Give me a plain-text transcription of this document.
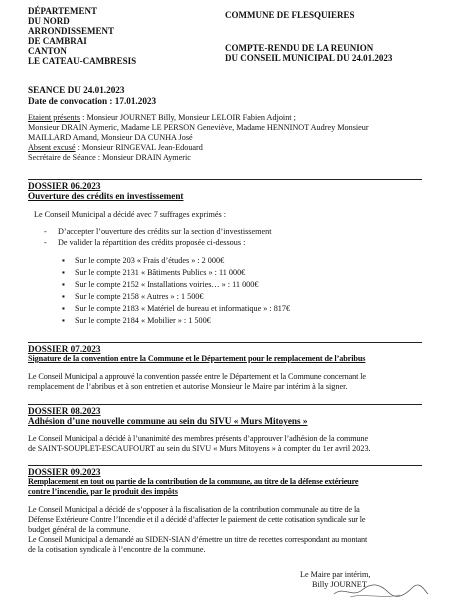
DÉPARTEMENT
DU NORD
ARRONDISSEMENT
DE CAMBRAI
CANTON
LE CATEAU-CAMBRESIS
COMMUNE DE FLESQUIERES
COMPTE-RENDU DE LA REUNION
DU CONSEIL MUNICIPAL DU 24.01.2023
SEANCE DU 24.01.2023
Date de convocation : 17.01.2023
Etaient présents : Monsieur JOURNET Billy, Monsieur LELOIR Fabien Adjoint ;
Monsieur DRAIN Aymeric, Madame LE PERSON Geneviève, Madame HENNINOT Audrey Monsieur
MAILLARD Amand, Monsieur DA CUNHA José
Absent excusé : Monsieur RINGEVAL Jean-Edouard
Secrétaire de Séance : Monsieur DRAIN Aymeric
DOSSIER 06.2023
Ouverture des crédits en investissement
Le Conseil Municipal a décidé avec 7 suffrages exprimés :
- D’accepter l’ouverture des crédits sur la section d’investissement
- De valider la répartition des crédits proposée ci-dessous :
▪ Sur le compte 203 « Frais d’études » : 2 000€
▪ Sur le compte 2131 « Bâtiments Publics » : 11 000€
▪ Sur le compte 2152 « Installations voiries… » : 11 000€
▪ Sur le compte 2158 « Autres » : 1 500€
▪ Sur le compte 2183 « Matériel de bureau et informatique » : 817€
▪ Sur le compte 2184 « Mobilier » : 1 500€
DOSSIER 07.2023
Signature de la convention entre la Commune et le Département pour le remplacement de l’abribus
Le Conseil Municipal a approuvé la convention passée entre le Département et la Commune concernant le
remplacement de l’abribus et à son entretien et autorise Monsieur le Maire par intérim à la signer.
DOSSIER 08.2023
Adhésion d’une nouvelle commune au sein du SIVU « Murs Mitoyens »
Le Conseil Municipal a décidé à l’unanimité des membres présents d’approuver l’adhésion de la commune
de SAINT-SOUPLET-ESCAUFOURT au sein du SIVU « Murs Mitoyens » à compter du 1er avril 2023.
DOSSIER 09.2023
Remplacement en tout ou partie de la contribution de la commune, au titre de la défense extérieure
contre l’incendie, par le produit des impôts
Le Conseil Municipal a décidé de s’opposer à la fiscalisation de la contribution communale au titre de la
Défense Extérieure Contre l’Incendie et il a décidé d’affecter le paiement de cette cotisation syndicale sur le
budget général de la commune.
Le Conseil Municipal a demandé au SIDEN-SIAN d’émettre un titre de recettes correspondant au montant
de la cotisation syndicale à l’encontre de la commune.
Le Maire par intérim,
Billy JOURNET
